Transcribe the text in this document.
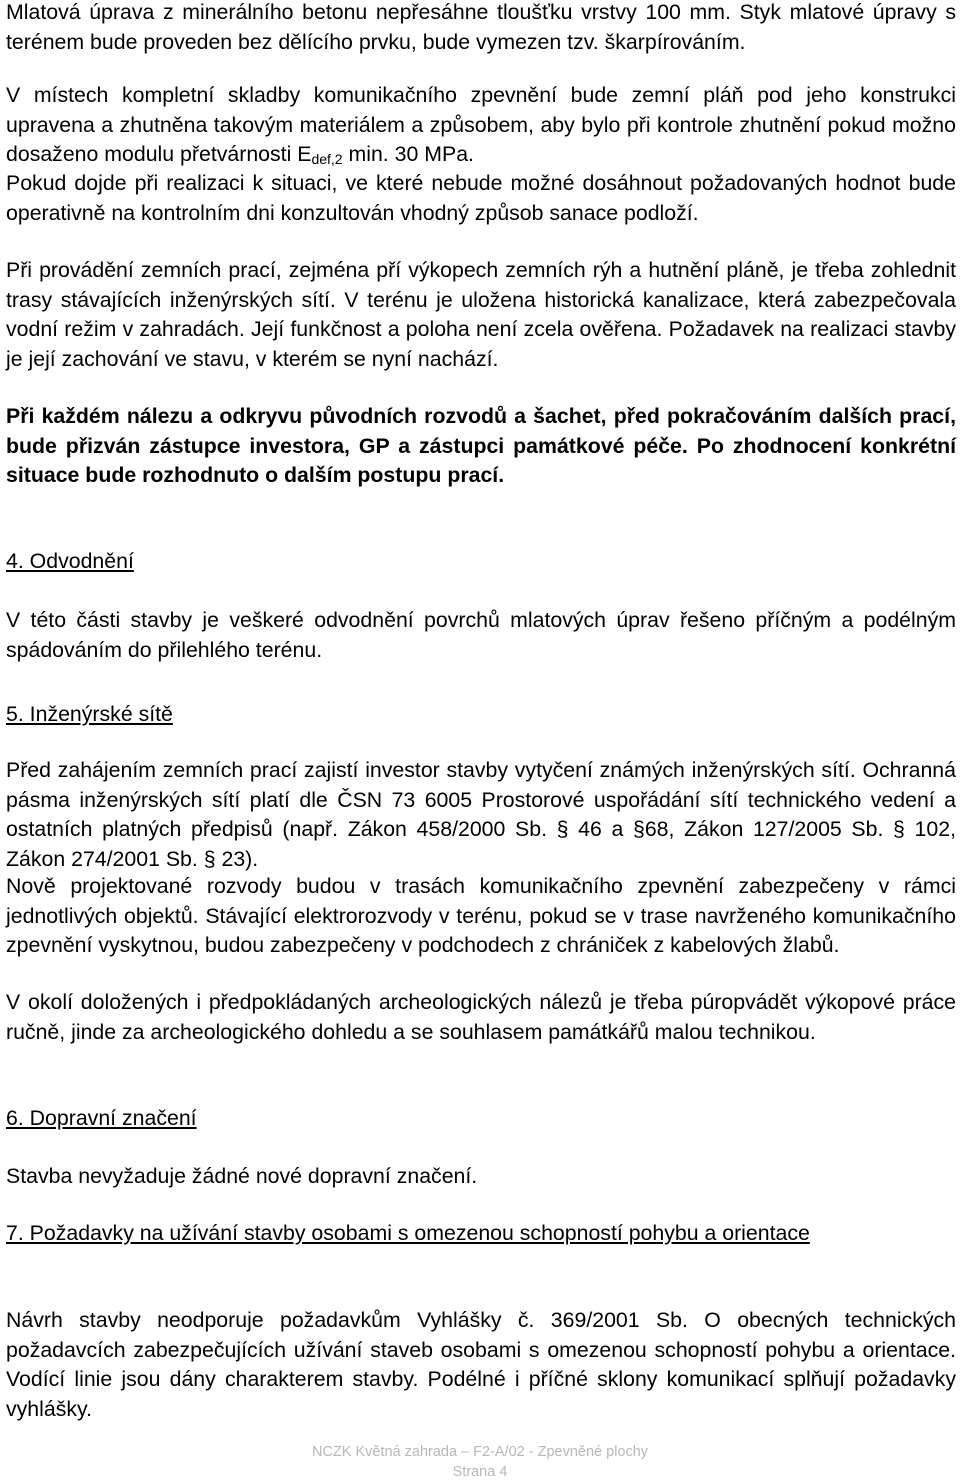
Mlatová úprava z minerálního betonu nepřesáhne tloušťku vrstvy 100 mm. Styk mlatové úpravy s terénem bude proveden bez dělícího prvku, bude vymezen tzv. škarpírováním.

V místech kompletní skladby komunikačního zpevnění bude zemní pláň pod jeho konstrukci upravena a zhutněna takovým materiálem a způsobem, aby bylo při kontrole zhutnění pokud možno dosaženo modulu přetvárnosti $E_{def,2}$ min. 30 MPa.

Pokud dojde při realizaci k situaci, ve které nebude možné dosáhnout požadovaných hodnot bude operativně na kontrolním dni konzultován vhodný způsob sanace podloží.

Při provádění zemních prací, zejména pří výkopech zemních rýh a hutnění pláně, je třeba zohlednit trasy stávajících inženýrských sítí. V terénu je uložena historická kanalizace, která zabezpečovala vodní režim v zahradách. Její funkčnost a poloha není zcela ověřena. Požadavek na realizaci stavby je její zachování ve stavu, v kterém se nyní nachází.

Při každém nálezu a odkryvu původních rozvodů a šachet, před pokračováním dalších prací, bude přizván zástupce investora, GP a zástupci památkové péče. Po zhodnocení konkrétní situace bude rozhodnuto o dalším postupu prací.

4. Odvodnění

V této části stavby je veškeré odvodnění povrchů mlatových úprav řešeno příčným a podélným spádováním do přilehlého terénu.

5. Inženýrské sítě

Před zahájením zemních prací zajistí investor stavby vytyčení známých inženýrských sítí. Ochranná pásma inženýrských sítí platí dle ČSN 73 6005 Prostorové uspořádání sítí technického vedení a ostatních platných předpisů (např. Zákon 458/2000 Sb. § 46 a §68, Zákon 127/2005 Sb. § 102, Zákon 274/2001 Sb. § 23).

Nově projektované rozvody budou v trasách komunikačního zpevnění zabezpečeny v rámci jednotlivých objektů. Stávající elektrorozvody v terénu, pokud se v trase navrženého komunikačního zpevnění vyskytnou, budou zabezpečeny v podchodech z chrániček z kabelových žlabů.

V okolí doložených i předpokládaných archeologických nálezů je třeba púropvádět výkopové práce ručně, jinde za archeologického dohledu a se souhlasem památkářů malou technikou.

6. Dopravní značení

Stavba nevyžaduje žádné nové dopravní značení.

7. Požadavky na užívání stavby osobami s omezenou schopností pohybu a orientace

Návrh stavby neodporuje požadavkům Vyhlášky č. 369/2001 Sb. O obecných technických požadavcích zabezpečujících užívání staveb osobami s omezenou schopností pohybu a orientace. Vodící linie jsou dány charakterem stavby. Podélné i příčné sklony komunikací splňují požadavky vyhlášky.

NCZK Květná zahrada – F2-A/02 - Zpevněné plochy
Strana 4
